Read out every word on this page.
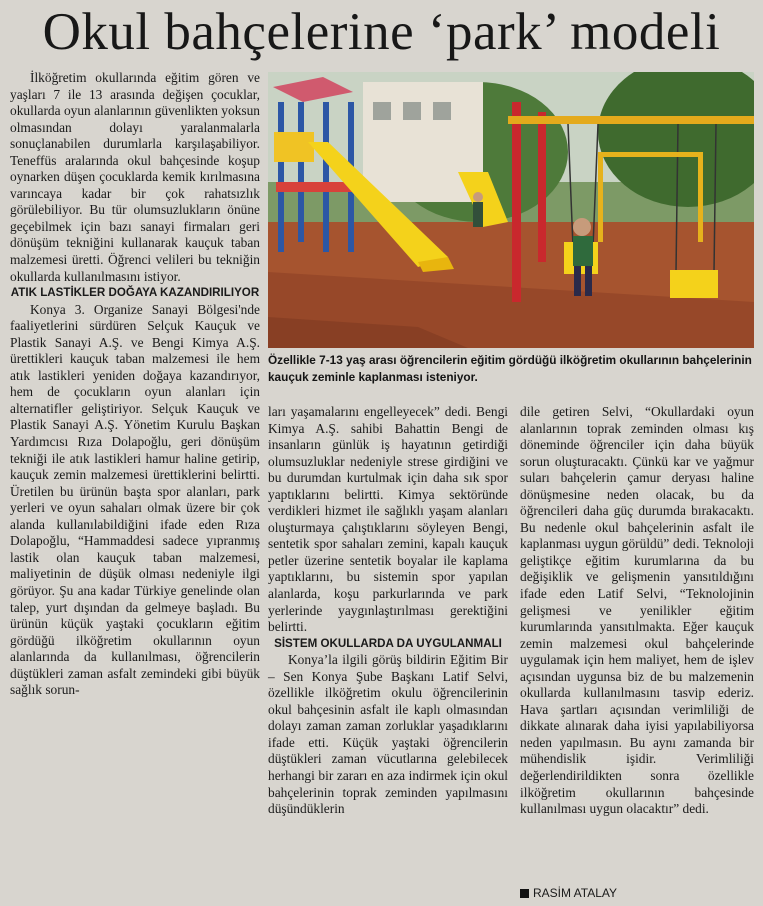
Okul bahçelerine ‘park’ modeli

İlköğretim okullarında eğitim gören ve yaşları 7 ile 13 arasında değişen çocuklar, okullarda oyun alanlarının güvenlikten yoksun olmasından dolayı yaralanmalarla sonuçlanabilen durumlarla karşılaşabiliyor. Teneffüs aralarında okul bahçesinde koşup oynarken düşen çocuklarda kemik kırılmasına varıncaya kadar bir çok rahatsızlık görülebiliyor. Bu tür olumsuzlukların önüne geçebilmek için bazı sanayi firmaları geri dönüşüm tekniğini kullanarak kauçuk taban malzemesi üretti. Öğrenci velileri bu tekniğin okullarda kullanılmasını istiyor.

ATIK LASTİKLER DOĞAYA KAZANDIRILIYOR

Konya 3. Organize Sanayi Bölgesi'nde faaliyetlerini sürdüren Selçuk Kauçuk ve Plastik Sanayi A.Ş. ve Bengi Kimya A.Ş. ürettikleri kauçuk taban malzemesi ile hem atık lastikleri yeniden doğaya kazandırıyor, hem de çocukların oyun alanları için alternatifler geliştiriyor. Selçuk Kauçuk ve Plastik Sanayi A.Ş. Yönetim Kurulu Başkan Yardımcısı Rıza Dolapoğlu, geri dönüşüm tekniği ile atık lastikleri hamur haline getirip, kauçuk zemin malzemesi ürettiklerini belirtti. Üretilen bu ürünün başta spor alanları, park yerleri ve oyun sahaları olmak üzere bir çok alanda kullanılabildiğini ifade eden Rıza Dolapoğlu, “Hammaddesi sadece yıpranmış lastik olan kauçuk taban malzemesi, maliyetinin de düşük olması nedeniyle ilgi görüyor. Şu ana kadar Türkiye genelinde olan talep, yurt dışından da gelmeye başladı. Bu ürünün küçük yaştaki çocukların eğitim gördüğü ilköğretim okullarının oyun alanlarında da kullanılması, öğrencilerin düştükleri zaman asfalt zemindeki gibi büyük sağlık sorun-

Özellikle 7-13 yaş arası öğrencilerin eğitim gördüğü ilköğretim okullarının bahçelerinin kauçuk zeminle kaplanması isteniyor.

ları yaşamalarını engelleyecek” dedi. Bengi Kimya A.Ş. sahibi Bahattin Bengi de insanların günlük iş hayatının getirdiği olumsuzluklar nedeniyle strese girdiğini ve bu durumdan kurtulmak için daha sık spor yaptıklarını belirtti. Kimya sektöründe verdikleri hizmet ile sağlıklı yaşam alanları oluşturmaya çalıştıklarını söyleyen Bengi, sentetik spor sahaları zemini, kapalı kauçuk petler üzerine sentetik boyalar ile kaplama yaptıklarını, bu sistemin spor yapılan alanlarda, koşu parkurlarında ve park yerlerinde yaygınlaştırılması gerektiğini belirtti.

SİSTEM OKULLARDA DA UYGULANMALI

Konyaʼla ilgili görüş bildirin Eğitim Bir – Sen Konya Şube Başkanı Latif Selvi, özellikle ilköğretim okulu öğrencilerinin okul bahçesinin asfalt ile kaplı olmasından dolayı zaman zaman zorluklar yaşadıklarını ifade etti. Küçük yaştaki öğrencilerin düştükleri zaman vücutlarına gelebilecek herhangi bir zararı en aza indirmek için okul bahçelerinin toprak zeminden yapılmasını düşündüklerin

dile getiren Selvi, “Okullardaki oyun alanlarının toprak zeminden olması kış döneminde öğrenciler için daha büyük sorun oluşturacaktı. Çünkü kar ve yağmur suları bahçelerin çamur deryası haline dönüşmesine neden olacak, bu da öğrencileri daha güç durumda bırakacaktı. Bu nedenle okul bahçelerinin asfalt ile kaplanması uygun görüldü” dedi. Teknoloji geliştikçe eğitim kurumlarına da bu değişiklik ve gelişmenin yansıtıldığını ifade eden Latif Selvi, “Teknolojinin gelişmesi ve yenilikler eğitim kurumlarında yansıtılmakta. Eğer kauçuk zemin malzemesi okul bahçelerinde uygulamak için hem maliyet, hem de işlev açısından uygunsa biz de bu malzemenin okullarda kullanılmasını tasvip ederiz. Hava şartları açısından verimliliği de dikkate alınarak daha iyisi yapılabiliyorsa neden yapılmasın. Bu aynı zamanda bir mühendislik işidir. Verimliliği değerlendirildikten sonra özellikle ilköğretim okullarının bahçesinde kullanılması uygun olacaktır” dedi.

RASİM ATALAY
